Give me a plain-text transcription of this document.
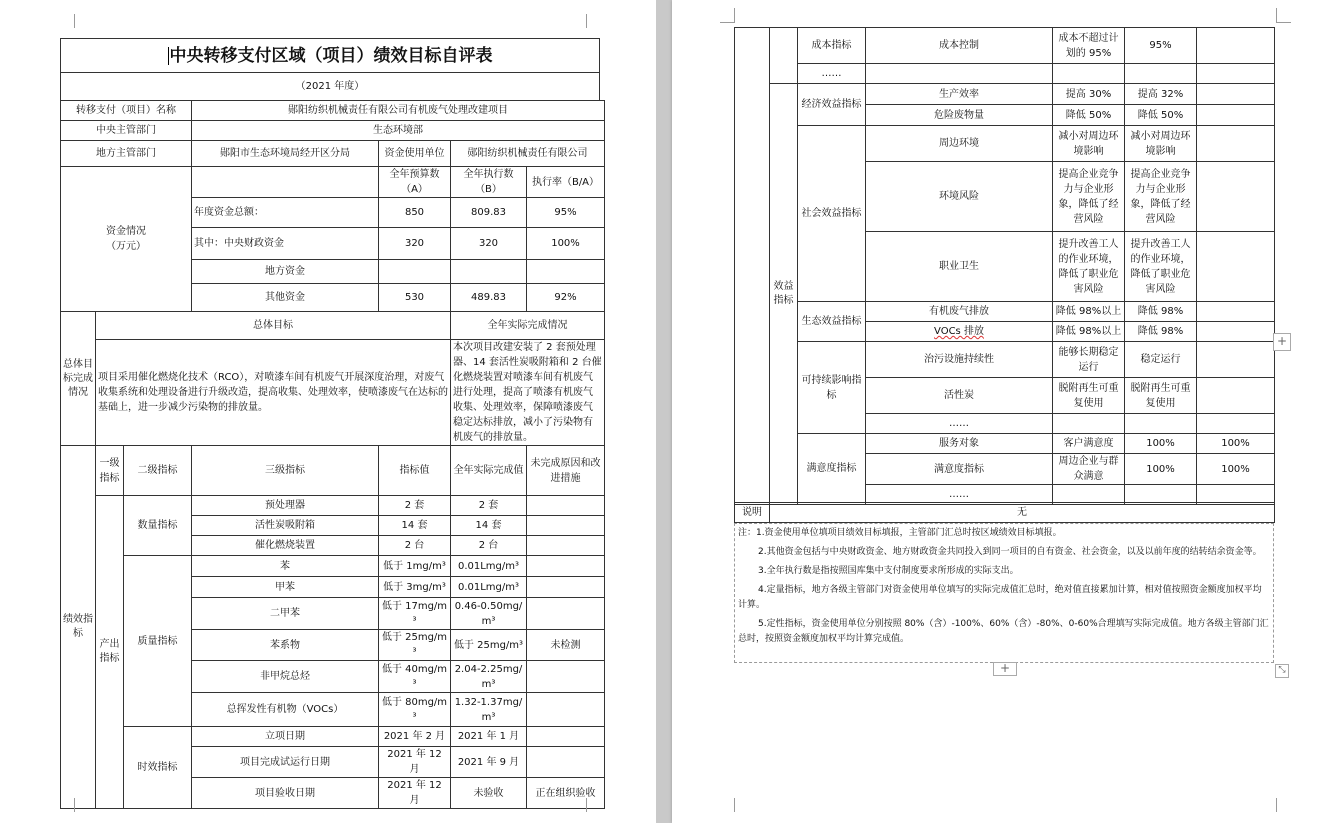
中央转移支付区域（项目）绩效目标自评表
（2021 年度）
转移支付（项目）名称			郧阳纺织机械责任有限公司有机废气处理改建项目			
中央主管部门			生态环境部			
地方主管部门			郧阳市生态环境局经开区分局	资金使用单位	郧阳纺织机械责任有限公司	
资金情况
（万元）				全年预算数（A）	全年执行数（B）	执行率（B/A）
			年度资金总额：	850	809.83	95%
			其中：中央财政资金	320	320	100%
			地方资金			
			其他资金	530	489.83	92%
总体目标完成情况	总体目标				全年实际完成情况	
	项目采用催化燃烧化技术（RCO），对喷漆车间有机废气开展深度治理，对废气收集系统和处理设备进行升级改造，提高收集、处理效率，使喷漆废气在达标的基础上，进一步减少污染物的排放量。				本次项目改建安装了 2 套预处理器、14 套活性炭吸附箱和 2 台催化燃烧装置对喷漆车间有机废气进行处理，提高了喷漆有机废气收集、处理效率，保障喷漆废气稳定达标排放，减小了污染物有机废气的排放量。	
绩效指标	一级指标	二级指标	三级指标	指标值	全年实际完成值	未完成原因和改进措施
	产出指标	数量指标	预处理器	2 套	2 套	
			活性炭吸附箱	14 套	14 套	
			催化燃烧装置	2 台	2 台	
		质量指标	苯	低于 1mg/m³	0.01Lmg/m³	
			甲苯	低于 3mg/m³	0.01Lmg/m³	
			二甲苯	低于 17mg/m³	0.46-0.50mg/m³	
			苯系物	低于 25mg/m³	低于 25mg/m³	未检测
			非甲烷总烃	低于 40mg/m³	2.04-2.25mg/m³	
			总挥发性有机物（VOCs）	低于 80mg/m³	1.32-1.37mg/m³	
		时效指标	立项日期	2021 年 2 月	2021 年 1 月	
			项目完成试运行日期	2021 年 12 月	2021 年 9 月	
			项目验收日期	2021 年 12 月	未验收	正在组织验收
		成本指标	成本控制	成本不超过计划的 95%	95%		
		……					
	效益指标	经济效益指标	生产效率	提高 30%	提高 32%		
			危险废物量	降低 50%	降低 50%		
		社会效益指标	周边环境	减小对周边环境影响	减小对周边环境影响		
			环境风险	提高企业竞争力与企业形象，降低了经营风险	提高企业竞争力与企业形象，降低了经营风险		
			职业卫生	提升改善工人的作业环境，降低了职业危害风险	提升改善工人的作业环境，降低了职业危害风险		
		生态效益指标	有机废气排放	降低 98%以上	降低 98%		
			VOCs 排放	降低 98%以上	降低 98%		
		可持续影响指标	治污设施持续性	能够长期稳定运行	稳定运行		
			活性炭	脱附再生可重复使用	脱附再生可重复使用		
			……				
		满意度指标	服务对象	客户满意度	100%	100%	
			满意度指标	周边企业与群众满意	100%	100%	
			……				
说明	无

注：1.资金使用单位填项目绩效目标填报，主管部门汇总时按区域绩效目标填报。

2.其他资金包括与中央财政资金、地方财政资金共同投入到同一项目的自有资金、社会资金，以及以前年度的结转结余资金等。

3.全年执行数是指按照国库集中支付制度要求所形成的实际支出。

4.定量指标，地方各级主管部门对资金使用单位填写的实际完成值汇总时，绝对值直接累加计算，相对值按照资金额度加权平均计算。

5.定性指标，资金使用单位分别按照 80%（含）-100%、60%（含）-80%、0-60%合理填写实际完成值。地方各级主管部门汇总时，按照资金额度加权平均计算完成值。

+
+	⤡
